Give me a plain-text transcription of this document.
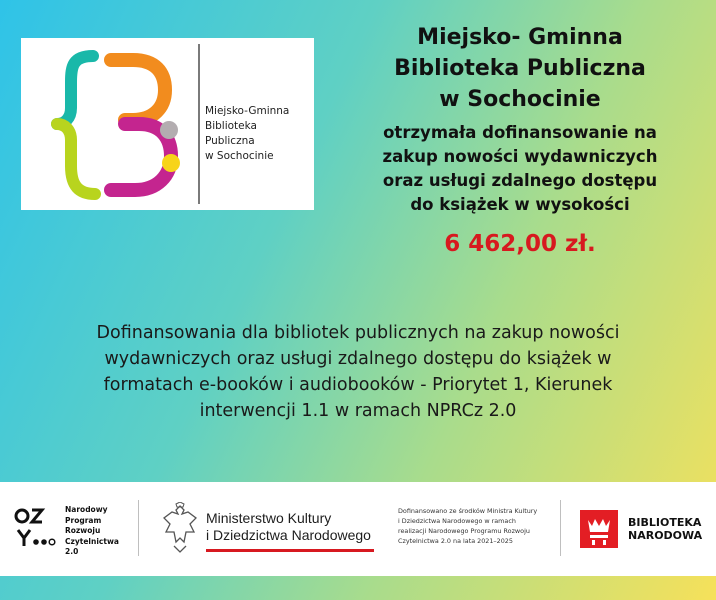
Miejsko-Gminna
Biblioteka
Publiczna
w Sochocinie
Miejsko- Gminna
Biblioteka Publiczna
w Sochocinie
otrzymała dofinansowanie na
zakup nowości wydawniczych
oraz usługi zdalnego dostępu
do książek w wysokości
6 462,00 zł.
Dofinansowania dla bibliotek publicznych na zakup nowości
wydawniczych oraz usługi zdalnego dostępu do książek w
formatach e-booków i audiobooków - Priorytet 1, Kierunek
interwencji 1.1 w ramach NPRCz 2.0
Narodowy
Program
Rozwoju
Czytelnictwa
2.0
Ministerstwo Kultury
i Dziedzictwa Narodowego
Dofinansowano ze środków Ministra Kultury
i Dziedzictwa Narodowego w ramach
realizacji Narodowego Programu Rozwoju
Czytelnictwa 2.0 na lata 2021–2025
BIBLIOTEKA
NARODOWA
